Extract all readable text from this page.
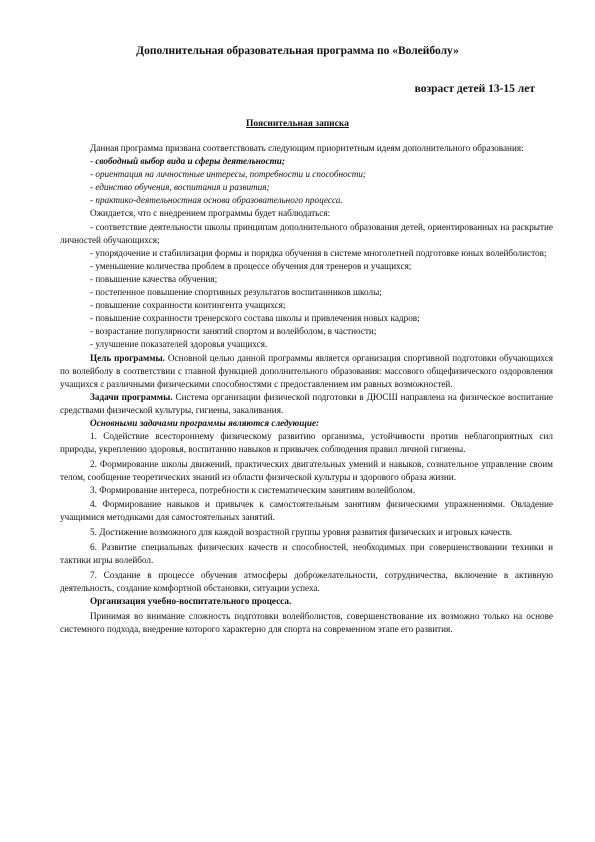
Дополнительная образовательная программа по «Волейболу»

возраст детей 13-15 лет

Пояснительная записка

Данная программа призвана соответствовать следующим приоритетным идеям дополнительного образования:

- свободный выбор вида и сферы деятельности;
- ориентация на личностные интересы, потребности и способности;
- единство обучения, воспитания и развития;
- практико-деятельностная основа образовательного процесса.

Ожидается, что с внедрением программы будет наблюдаться:

- соответствие деятельности школы принципам дополнительного образования детей, ориентированных на раскрытие личностей обучающихся;

- упорядочение и стабилизация формы и порядка обучения в системе многолетней подготовке юных волейболистов;

- уменьшение количества проблем в процессе обучения для тренеров и учащихся;

- повышение качества обучения;

- постепенное повышение спортивных результатов воспитанников школы;

- повышение сохранности контингента учащихся;

- повышение сохранности тренерского состава школы и привлечения новых кадров;

- возрастание популярности занятий спортом и волейболом, в частности;

- улучшение показателей здоровья учащихся.

Цель программы. Основной целью данной программы является организация спортивной подготовки обучающихся по волейболу в соответствии с главной функцией дополнительного образования: массового общефизического оздоровления учащихся с различными физическими способностями с предоставлением им равных возможностей.

Задачи программы. Система организации физической подготовки в ДЮСШ направлена на физическое воспитание средствами физической культуры, гигиены, закаливания.

Основными задачами программы являются следующие:

1. Содействие всестороннему физическому развитию организма, устойчивости против неблагоприятных сил природы, укреплению здоровья, воспитанию навыков и привычек соблюдения правил личной гигиены.

2. Формирование школы движений, практических двигательных умений и навыков, сознательное управление своим телом, сообщение теоретических знаний из области физической культуры и здорового образа жизни.

3. Формирование интереса, потребности к систематическим занятиям волейболом.

4. Формирование навыков и привычек к самостоятельным занятиям физическими упражнениями. Овладение учащимися методиками для самостоятельных занятий.

5. Достижение возможного для каждой возрастной группы уровня развития физических и игровых качеств.

6. Развитие специальных физических качеств и способностей, необходимых при совершенствовании техники и тактики игры волейбол.

7. Создание в процессе обучения атмосферы доброжелательности, сотрудничества, включение в активную деятельность, создание комфортной обстановки, ситуации успеха.

Организация учебно-воспитательного процесса.

Принимая во внимание сложность подготовки волейболистов, совершенствование их возможно только на основе системного подхода, внедрение которого характерно для спорта на современном этапе его развития.
